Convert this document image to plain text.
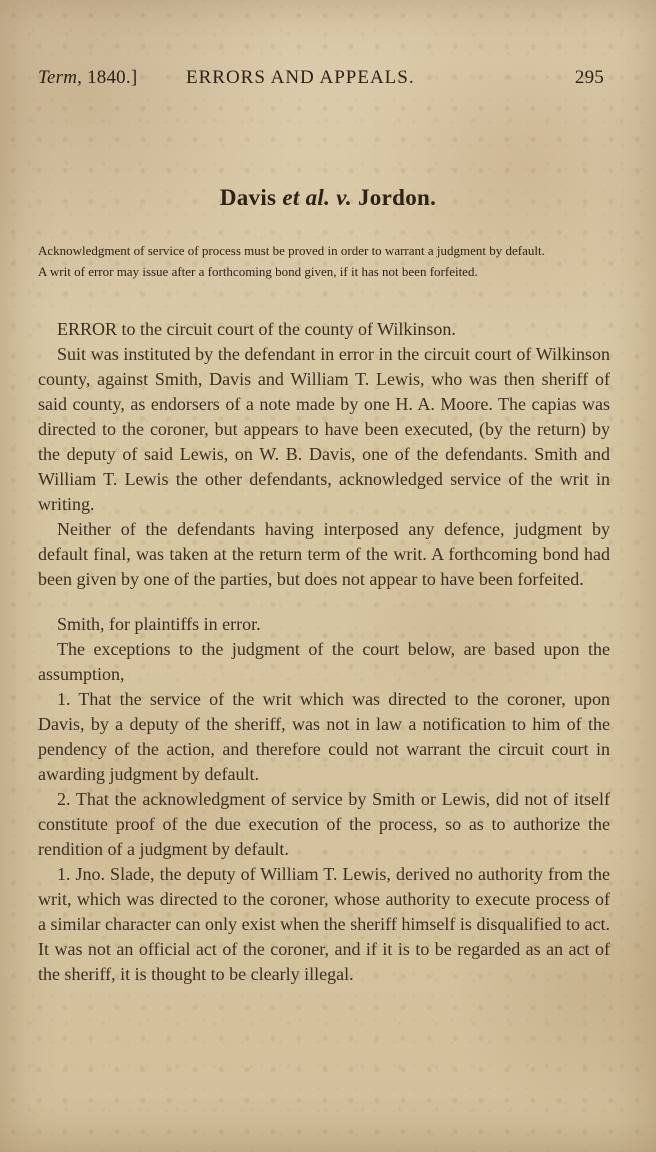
Term, 1840.]	ERRORS AND APPEALS.	295
Davis et al. v. Jordon.

Acknowledgment of service of process must be proved in order to warrant a judgment by default.

A writ of error may issue after a forthcoming bond given, if it has not been forfeited.

ERROR to the circuit court of the county of Wilkinson.

Suit was instituted by the defendant in error in the circuit court of Wilkinson county, against Smith, Davis and William T. Lewis, who was then sheriff of said county, as endorsers of a note made by one H. A. Moore. The capias was directed to the coroner, but appears to have been executed, (by the return) by the deputy of said Lewis, on W. B. Davis, one of the defendants. Smith and William T. Lewis the other defendants, acknowledged service of the writ in writing.

Neither of the defendants having interposed any defence, judgment by default final, was taken at the return term of the writ. A forthcoming bond had been given by one of the parties, but does not appear to have been forfeited.

Smith, for plaintiffs in error.

The exceptions to the judgment of the court below, are based upon the assumption,

1. That the service of the writ which was directed to the coroner, upon Davis, by a deputy of the sheriff, was not in law a notification to him of the pendency of the action, and therefore could not warrant the circuit court in awarding judgment by default.

2. That the acknowledgment of service by Smith or Lewis, did not of itself constitute proof of the due execution of the process, so as to authorize the rendition of a judgment by default.

1. Jno. Slade, the deputy of William T. Lewis, derived no authority from the writ, which was directed to the coroner, whose authority to execute process of a similar character can only exist when the sheriff himself is disqualified to act. It was not an official act of the coroner, and if it is to be regarded as an act of the sheriff, it is thought to be clearly illegal.
